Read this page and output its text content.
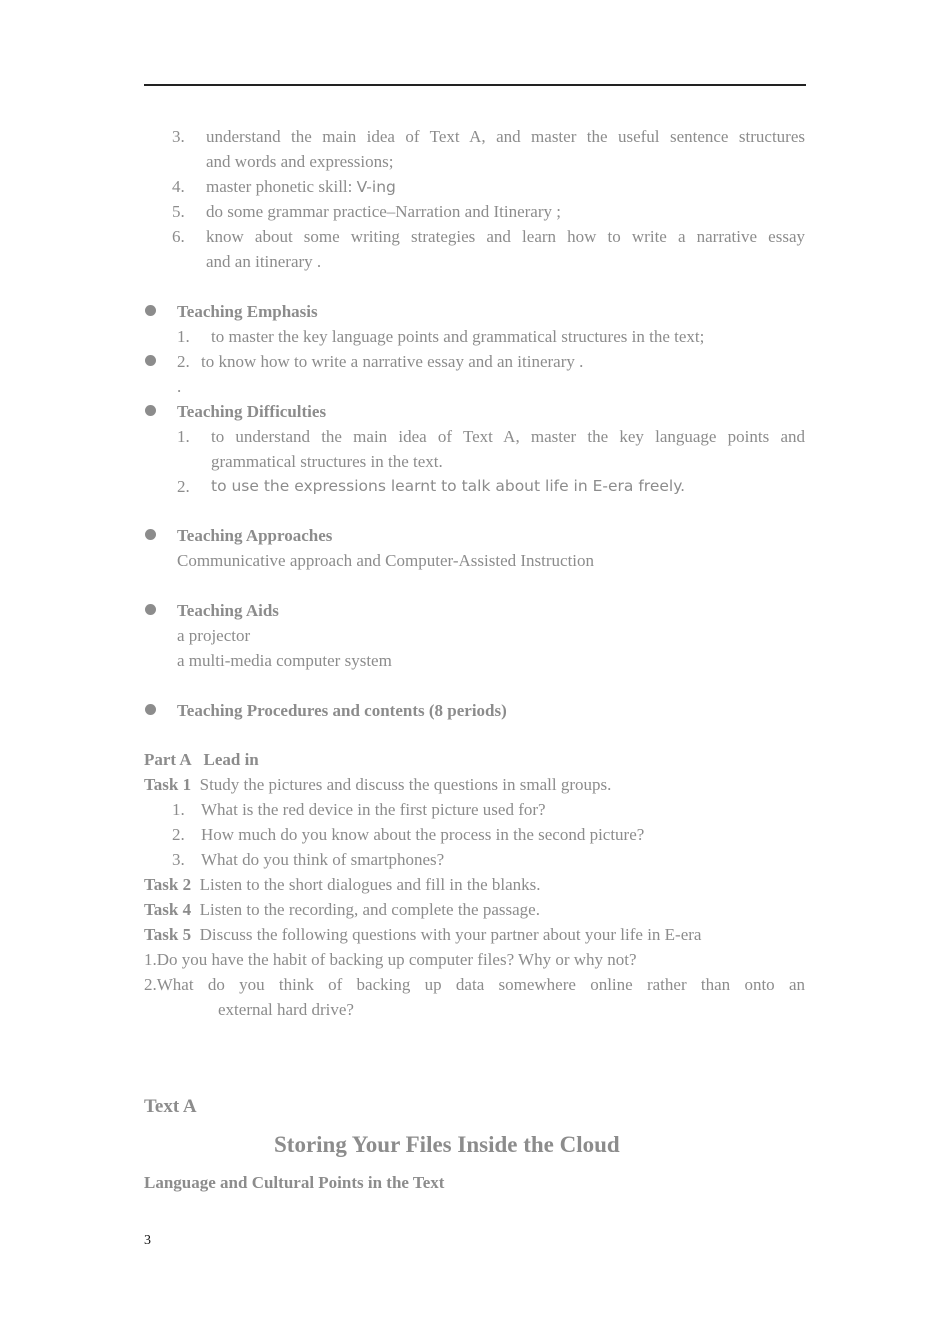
3. understand the main idea of Text A, and master the useful sentence structures
and words and expressions;
4. master phonetic skill: V-ing
5. do some grammar practice–Narration and Itinerary ;
6. know about some writing strategies and learn how to write a narrative essay
and an itinerary .
Teaching Emphasis
1. to master the key language points and grammatical structures in the text;
2. to know how to write a narrative essay and an itinerary .
.
Teaching Difficulties
1. to understand the main idea of Text A, master the key language points and
grammatical structures in the text.
2. to use the expressions learnt to talk about life in E-era freely.
Teaching Approaches
Communicative approach and Computer-Assisted Instruction
Teaching Aids
a projector
a multi-media computer system
Teaching Procedures and contents (8 periods)
Part A   Lead in
Task 1 Study the pictures and discuss the questions in small groups.
1. What is the red device in the first picture used for?
2. How much do you know about the process in the second picture?
3. What do you think of smartphones?
Task 2 Listen to the short dialogues and fill in the blanks.
Task 4 Listen to the recording, and complete the passage.
Task 5 Discuss the following questions with your partner about your life in E-era
1.Do you have the habit of backing up computer files? Why or why not?
2.What do you think of backing up data somewhere online rather than onto an
external hard drive?
Text A
Storing Your Files Inside the Cloud
Language and Cultural Points in the Text
3
